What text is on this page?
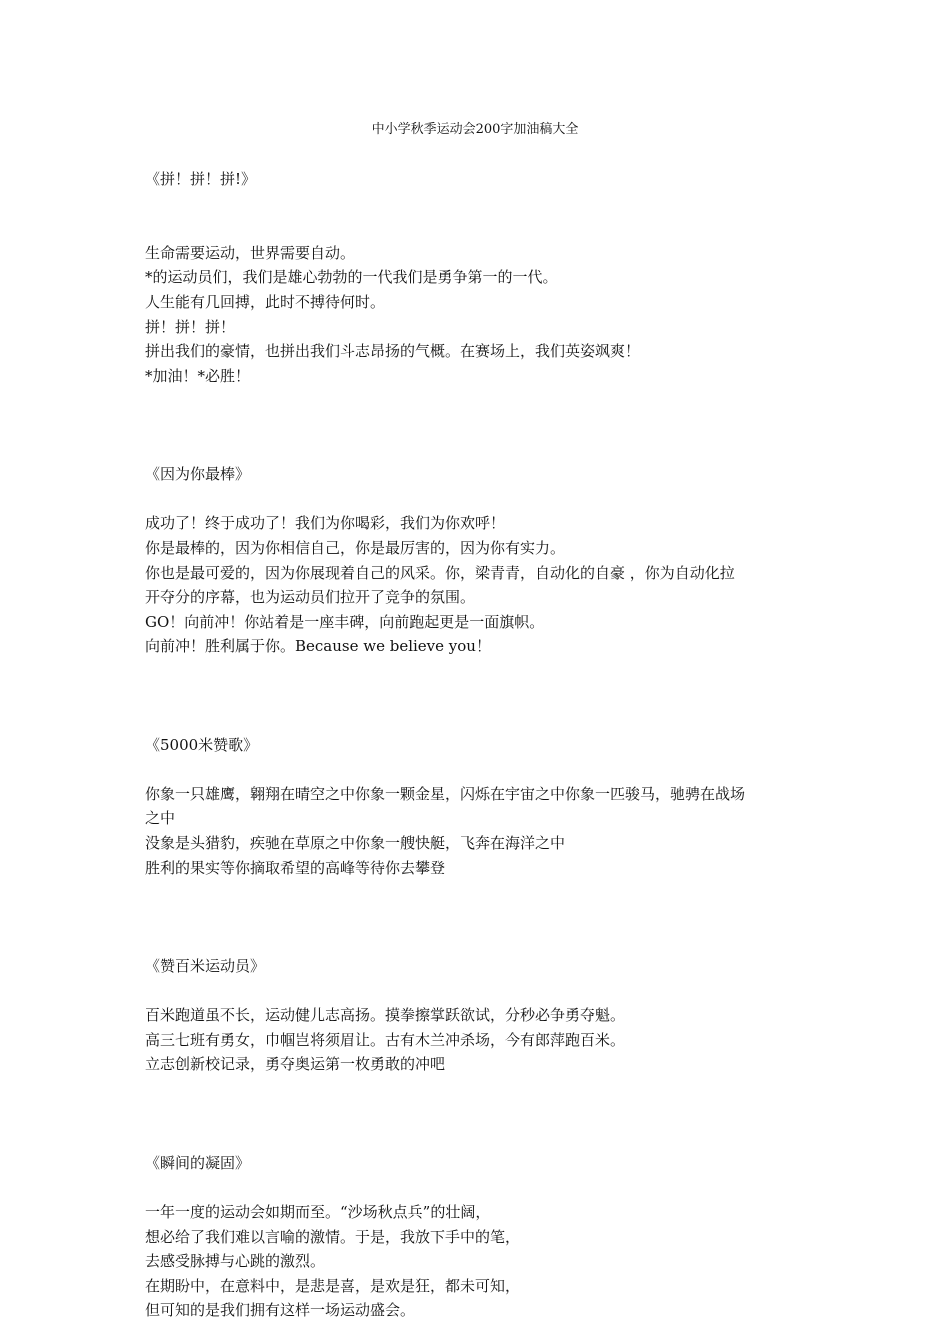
中小学秋季运动会200字加油稿大全

《拼！拼！拼!》

生命需要运动，世界需要自动。

*的运动员们，我们是雄心勃勃的一代我们是勇争第一的一代。

人生能有几回搏，此时不搏待何时。

拼！拼！拼！

拼出我们的豪情，也拼出我们斗志昂扬的气概。在赛场上，我们英姿飒爽！

*加油！*必胜！

《因为你最棒》

成功了！终于成功了！我们为你喝彩，我们为你欢呼！

你是最棒的，因为你相信自己，你是最厉害的，因为你有实力。

你也是最可爱的，因为你展现着自己的风采。你，梁青青，自动化的自豪 ，你为自动化拉

开夺分的序幕，也为运动员们拉开了竞争的氛围。

GO！向前冲！你站着是一座丰碑，向前跑起更是一面旗帜。

向前冲！胜利属于你。Because we believe you！

《5000米赞歌》

你象一只雄鹰，翱翔在晴空之中你象一颗金星，闪烁在宇宙之中你象一匹骏马，驰骋在战场

之中

没象是头猎豹，疾驰在草原之中你象一艘快艇，飞奔在海洋之中

胜利的果实等你摘取希望的高峰等待你去攀登

《赞百米运动员》

百米跑道虽不长，运动健儿志高扬。摸拳擦掌跃欲试，分秒必争勇夺魁。

高三七班有勇女，巾帼岂将须眉让。古有木兰冲杀场，今有郎萍跑百米。

立志创新校记录，勇夺奥运第一枚勇敢的冲吧

《瞬间的凝固》

一年一度的运动会如期而至。“沙场秋点兵”的壮阔，

想必给了我们难以言喻的激情。于是，我放下手中的笔，

去感受脉搏与心跳的激烈。

在期盼中，在意料中，是悲是喜，是欢是狂，都未可知，

但可知的是我们拥有这样一场运动盛会。
